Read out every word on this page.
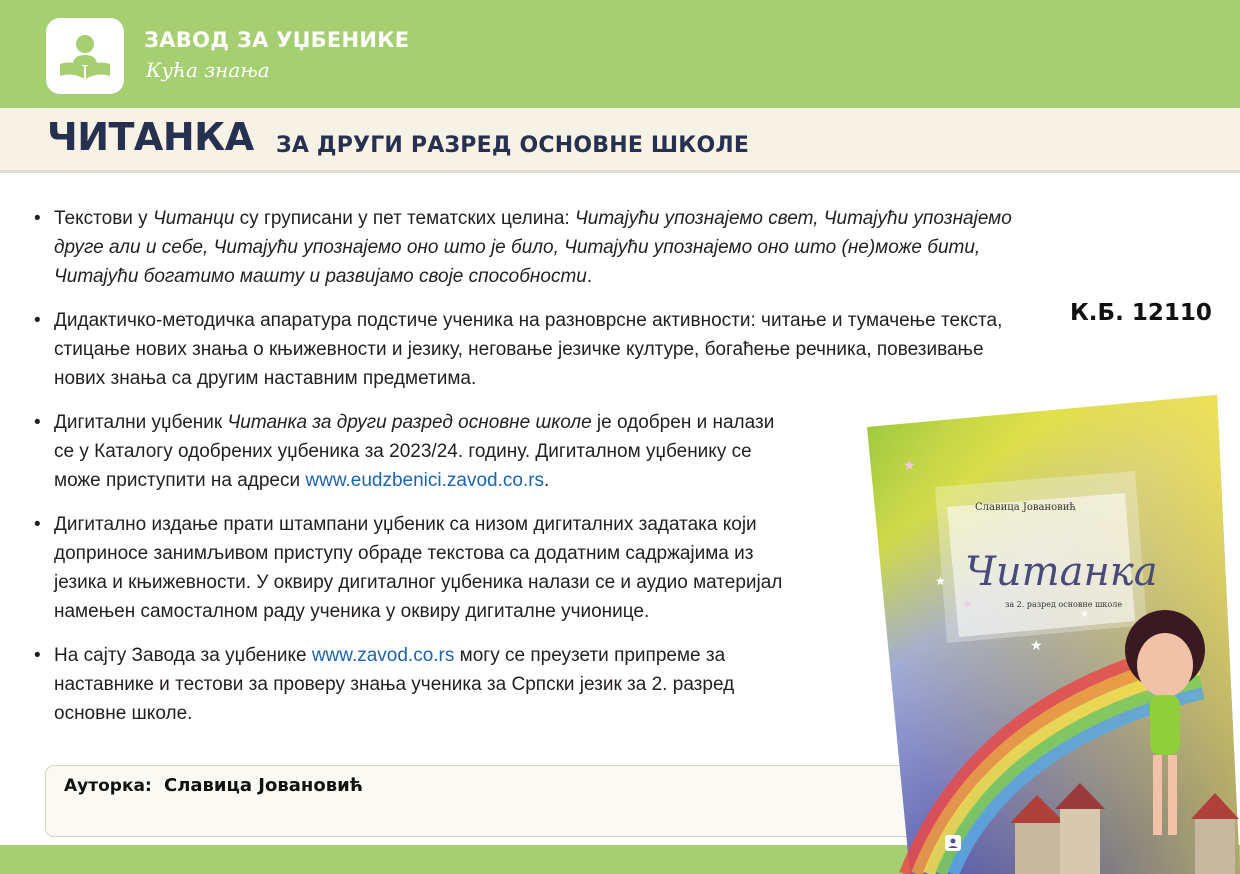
ЗАВОД ЗА УЏБЕНИКЕ
Кућа знања
ЧИТАНКА ЗА ДРУГИ РАЗРЕД ОСНОВНЕ ШКОЛЕ
К.Б. 12110
• Текстови у Читанци су груписани у пет тематских целина: Читајући упознајемо свет, Читајући упознајемо друге али и себе, Читајући упознајемо оно што је било, Читајући упознајемо оно што (не)може бити, Читајући богатимо машту и развијамо своје способности.
• Дидактичко-методичка апаратура подстиче ученика на разноврсне активности: читање и тумачење текста, стицање нових знања о књижевности и језику, неговање језичке културе, богаћење речника, повезивање нових знања са другим наставним предметима.
• Дигитални уџбеник Читанка за други разред основне школе је одобрен и налази
се у Каталогу одобрених уџбеника за 2023/24. годину. Дигиталном уџбенику се
може приступити на адреси www.eudzbenici.zavod.co.rs.
• Дигитално издање прати штампани уџбеник са низом дигиталних задатака који
доприносе занимљивом приступу обраде текстова са додатним садржајима из
језика и књижевности. У оквиру дигиталног уџбеника налази се и аудио материјал
намењен самосталном раду ученика у оквиру дигиталне учионице.
• На сајту Завода за уџбенике www.zavod.co.rs могу се преузети припреме за
наставнике и тестови за проверу знања ученика за Српски језик за 2. разред
основне школе.
Ауторка: Славица Јовановић
Славица Јовановић
Читанка
за 2. разред основне школе
★
★
★
★
★
